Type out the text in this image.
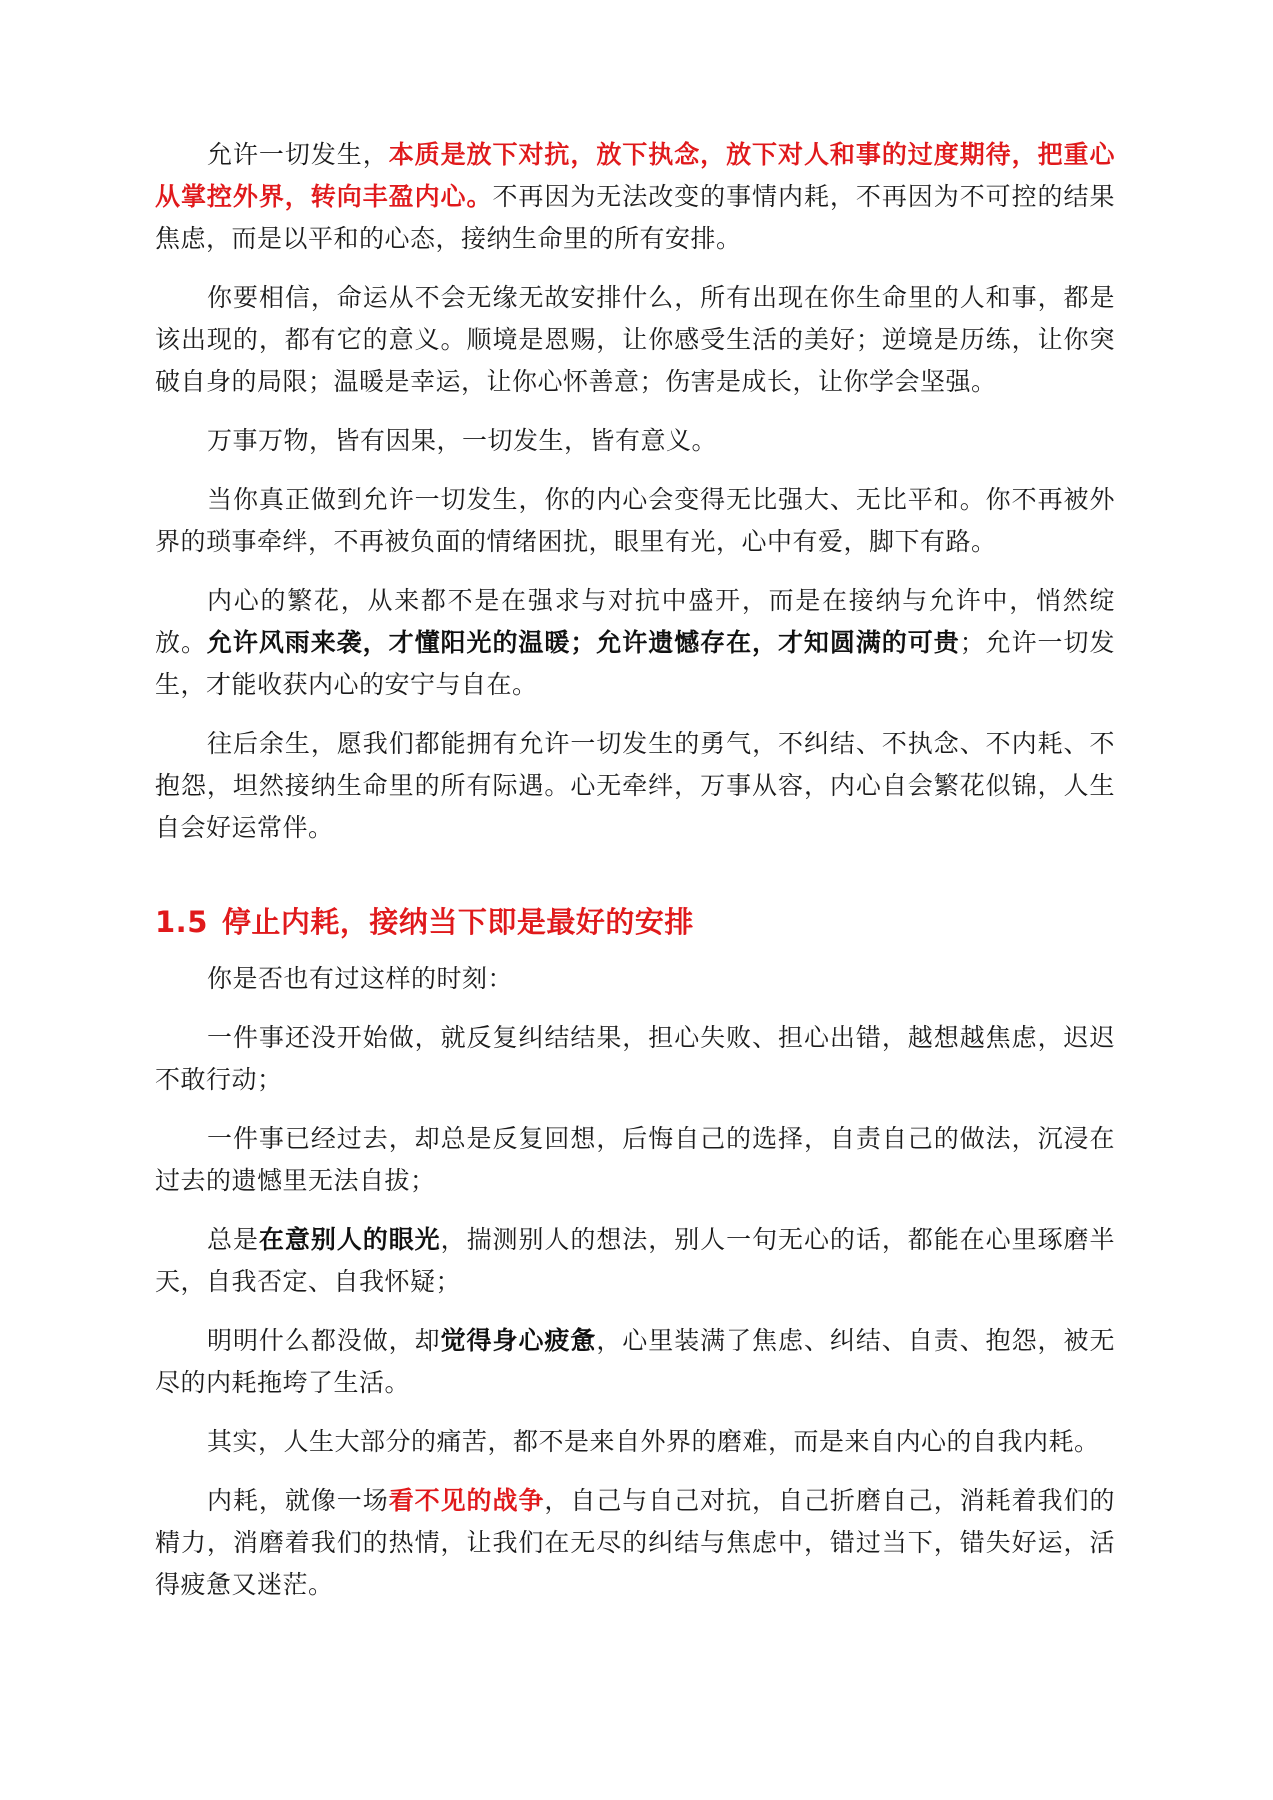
允许一切发生，本质是放下对抗，放下执念，放下对人和事的过度期待，把重心从掌控外界，转向丰盈内心。不再因为无法改变的事情内耗，不再因为不可控的结果焦虑，而是以平和的心态，接纳生命里的所有安排。

你要相信，命运从不会无缘无故安排什么，所有出现在你生命里的人和事，都是该出现的，都有它的意义。顺境是恩赐，让你感受生活的美好；逆境是历练，让你突破自身的局限；温暖是幸运，让你心怀善意；伤害是成长，让你学会坚强。

万事万物，皆有因果，一切发生，皆有意义。

当你真正做到允许一切发生，你的内心会变得无比强大、无比平和。你不再被外界的琐事牵绊，不再被负面的情绪困扰，眼里有光，心中有爱，脚下有路。

内心的繁花，从来都不是在强求与对抗中盛开，而是在接纳与允许中，悄然绽放。允许风雨来袭，才懂阳光的温暖；允许遗憾存在，才知圆满的可贵；允许一切发生，才能收获内心的安宁与自在。

往后余生，愿我们都能拥有允许一切发生的勇气，不纠结、不执念、不内耗、不抱怨，坦然接纳生命里的所有际遇。心无牵绊，万事从容，内心自会繁花似锦，人生自会好运常伴。

1.5 停止内耗，接纳当下即是最好的安排

你是否也有过这样的时刻：

一件事还没开始做，就反复纠结结果，担心失败、担心出错，越想越焦虑，迟迟不敢行动；

一件事已经过去，却总是反复回想，后悔自己的选择，自责自己的做法，沉浸在过去的遗憾里无法自拔；

总是在意别人的眼光，揣测别人的想法，别人一句无心的话，都能在心里琢磨半天，自我否定、自我怀疑；

明明什么都没做，却觉得身心疲惫，心里装满了焦虑、纠结、自责、抱怨，被无尽的内耗拖垮了生活。

其实，人生大部分的痛苦，都不是来自外界的磨难，而是来自内心的自我内耗。

内耗，就像一场看不见的战争，自己与自己对抗，自己折磨自己，消耗着我们的精力，消磨着我们的热情，让我们在无尽的纠结与焦虑中，错过当下，错失好运，活得疲惫又迷茫。
